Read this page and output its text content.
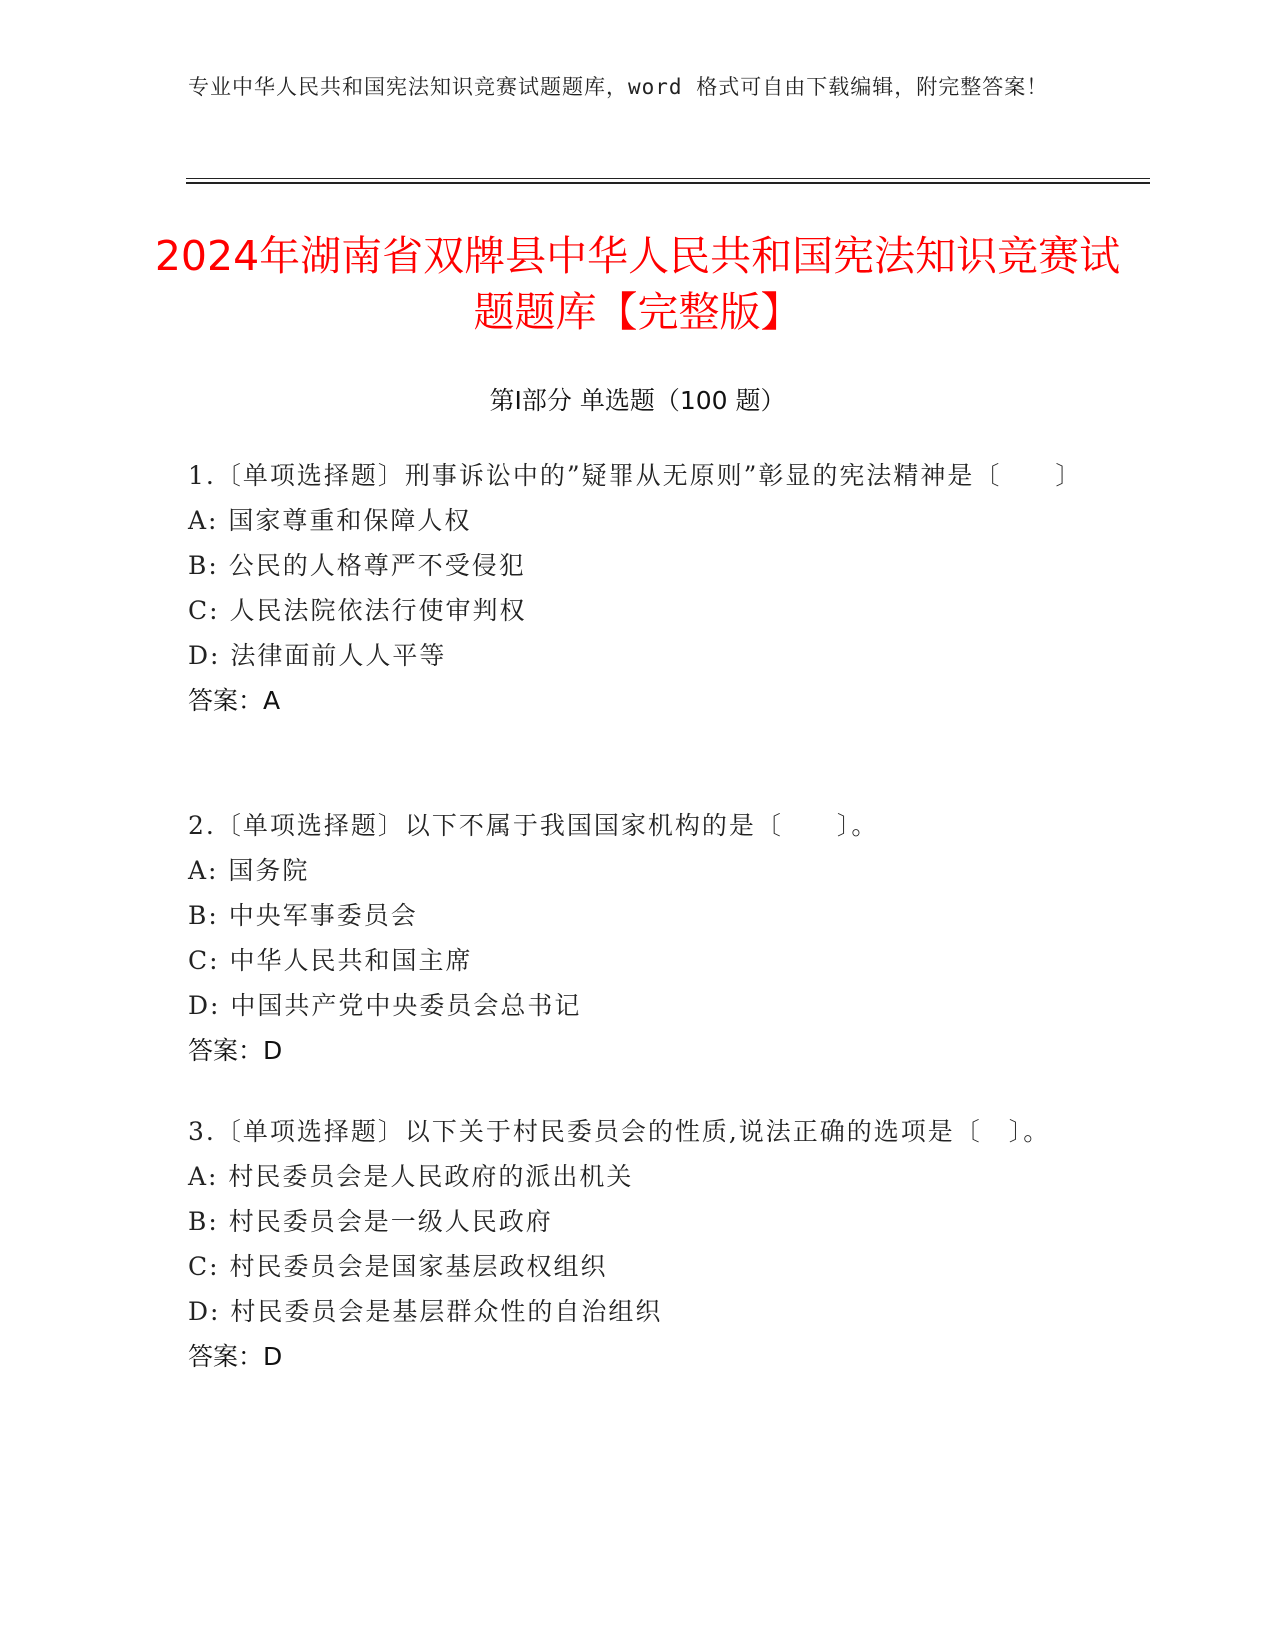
专业中华人民共和国宪法知识竞赛试题题库，word 格式可自由下载编辑，附完整答案！
2024年湖南省双牌县中华人民共和国宪法知识竞赛试题题库【完整版】
第Ⅰ部分 单选题（100 题）
1.〔单项选择题〕刑事诉讼中的”疑罪从无原则”彰显的宪法精神是〔　　〕
A: 国家尊重和保障人权
B: 公民的人格尊严不受侵犯
C: 人民法院依法行使审判权
D: 法律面前人人平等
答案：A
2.〔单项选择题〕以下不属于我国国家机构的是〔　　〕。
A: 国务院
B: 中央军事委员会
C: 中华人民共和国主席
D: 中国共产党中央委员会总书记
答案：D
3.〔单项选择题〕以下关于村民委员会的性质,说法正确的选项是〔　〕。
A: 村民委员会是人民政府的派出机关
B: 村民委员会是一级人民政府
C: 村民委员会是国家基层政权组织
D: 村民委员会是基层群众性的自治组织
答案：D
